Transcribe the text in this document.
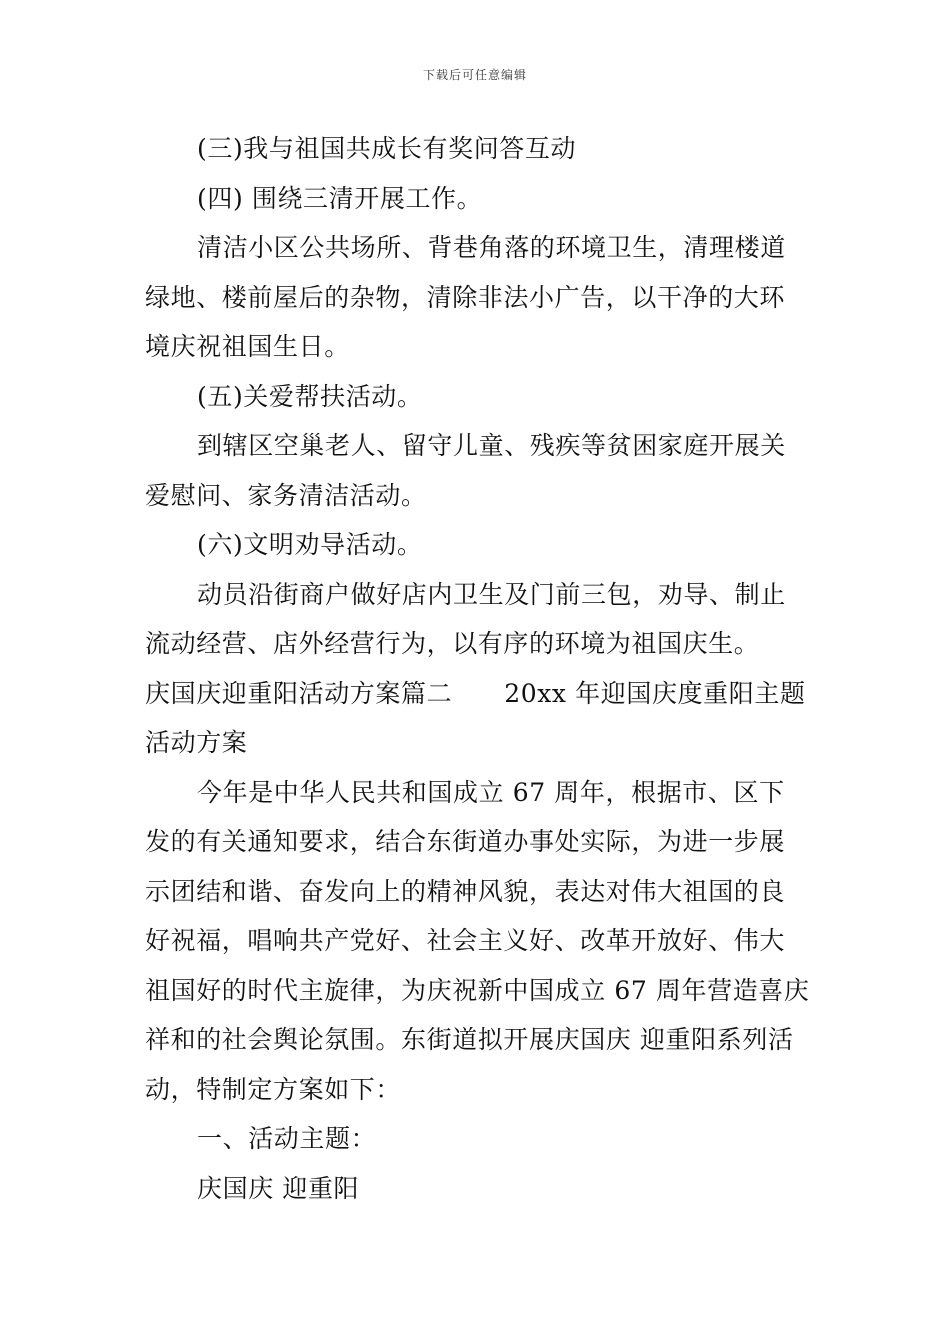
下载后可任意编辑

(三)我与祖国共成长有奖问答互动

(四) 围绕三清开展工作。

清洁小区公共场所、背巷角落的环境卫生，清理楼道绿地、楼前屋后的杂物，清除非法小广告，以干净的大环境庆祝祖国生日。

(五)关爱帮扶活动。

到辖区空巢老人、留守儿童、残疾等贫困家庭开展关爱慰问、家务清洁活动。

(六)文明劝导活动。

动员沿街商户做好店内卫生及门前三包，劝导、制止流动经营、店外经营行为，以有序的环境为祖国庆生。

庆国庆迎重阳活动方案篇二 20xx 年迎国庆度重阳主题活动方案

今年是中华人民共和国成立 67 周年，根据市、区下发的有关通知要求，结合东街道办事处实际，为进一步展示团结和谐、奋发向上的精神风貌，表达对伟大祖国的良好祝福，唱响共产党好、社会主义好、改革开放好、伟大祖国好的时代主旋律，为庆祝新中国成立 67 周年营造喜庆祥和的社会舆论氛围。东街道拟开展庆国庆 迎重阳系列活动，特制定方案如下：

一、活动主题：

庆国庆 迎重阳
